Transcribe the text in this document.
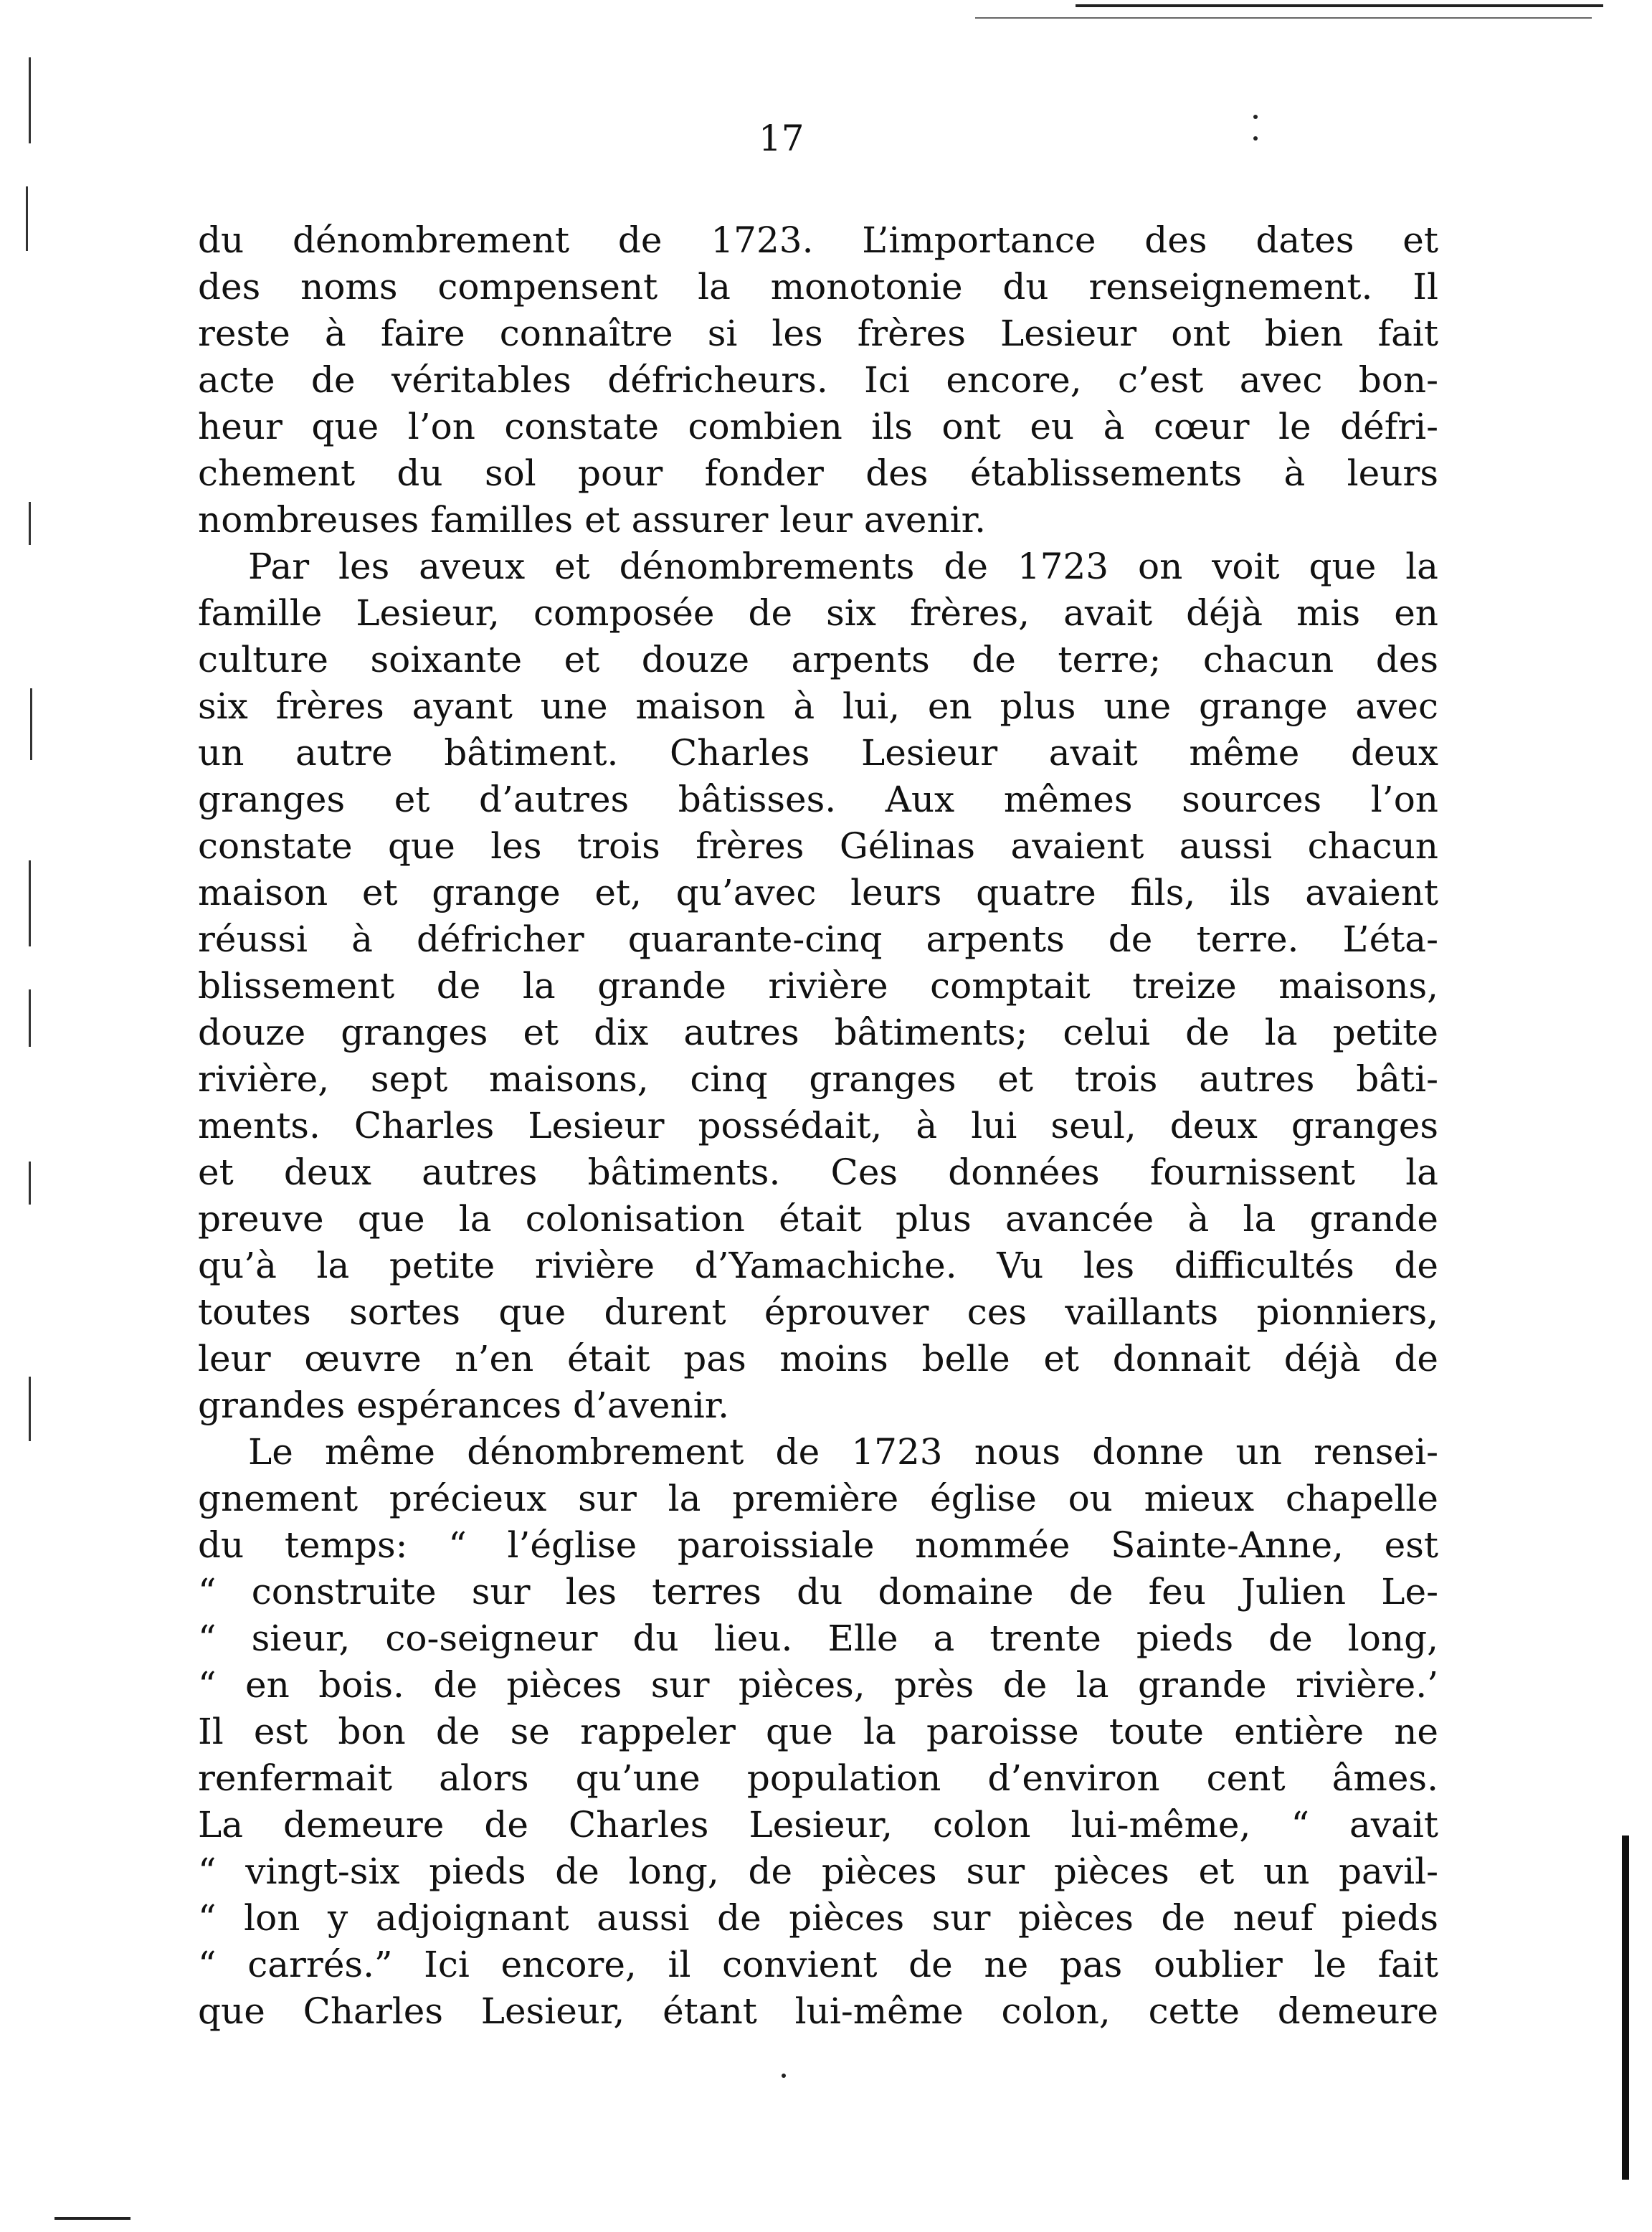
17
du dénombrement de 1723. L’importance des dates et
des noms compensent la monotonie du renseignement. Il
reste à faire connaître si les frères Lesieur ont bien fait
acte de véritables défricheurs. Ici encore, c’est avec bon-
heur que l’on constate combien ils ont eu à cœur le défri-
chement du sol pour fonder des établissements à leurs
nombreuses familles et assurer leur avenir.
Par les aveux et dénombrements de 1723 on voit que la
famille Lesieur, composée de six frères, avait déjà mis en
culture soixante et douze arpents de terre; chacun des
six frères ayant une maison à lui, en plus une grange avec
un autre bâtiment. Charles Lesieur avait même deux
granges et d’autres bâtisses. Aux mêmes sources l’on
constate que les trois frères Gélinas avaient aussi chacun
maison et grange et, qu’avec leurs quatre fils, ils avaient
réussi à défricher quarante-cinq arpents de terre. L’éta-
blissement de la grande rivière comptait treize maisons,
douze granges et dix autres bâtiments; celui de la petite
rivière, sept maisons, cinq granges et trois autres bâti-
ments. Charles Lesieur possédait, à lui seul, deux granges
et deux autres bâtiments. Ces données fournissent la
preuve que la colonisation était plus avancée à la grande
qu’à la petite rivière d’Yamachiche. Vu les difficultés de
toutes sortes que durent éprouver ces vaillants pionniers,
leur œuvre n’en était pas moins belle et donnait déjà de
grandes espérances d’avenir.
Le même dénombrement de 1723 nous donne un rensei-
gnement précieux sur la première église ou mieux chapelle
du temps: “ l’église paroissiale nommée Sainte-Anne, est
“ construite sur les terres du domaine de feu Julien Le-
“ sieur, co-seigneur du lieu. Elle a trente pieds de long,
“ en bois. de pièces sur pièces, près de la grande rivière.’
Il est bon de se rappeler que la paroisse toute entière ne
renfermait alors qu’une population d’environ cent âmes.
La demeure de Charles Lesieur, colon lui-même, “ avait
“ vingt-six pieds de long, de pièces sur pièces et un pavil-
“ lon y adjoignant aussi de pièces sur pièces de neuf pieds
“ carrés.” Ici encore, il convient de ne pas oublier le fait
que Charles Lesieur, étant lui-même colon, cette demeure
